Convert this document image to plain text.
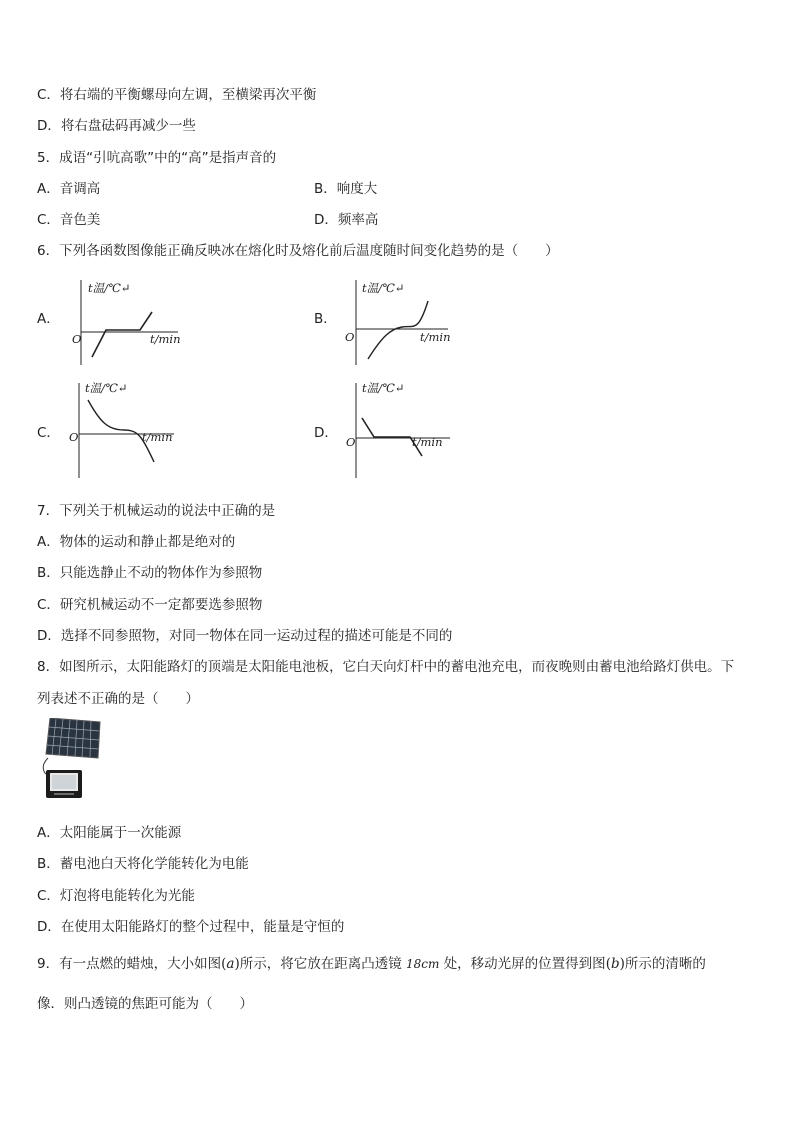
C．将右端的平衡螺母向左调，至横梁再次平衡
D．将右盘砝码再减少一些
5．成语“引吭高歌”中的“高”是指声音的
A．音调高	B．响度大
C．音色美	D．频率高
6．下列各函数图像能正确反映冰在熔化时及熔化前后温度随时间变化趋势的是（　　）
A．	B．
C．	D．
t温/℃↵
O	t/min
t温/℃↵
O	t/min
t温/℃↵
O	t/min
t温/℃↵
O	t/min
7．下列关于机械运动的说法中正确的是
A．物体的运动和静止都是绝对的
B．只能选静止不动的物体作为参照物
C．研究机械运动不一定都要选参照物
D．选择不同参照物，对同一物体在同一运动过程的描述可能是不同的
8．如图所示，太阳能路灯的顶端是太阳能电池板，它白天向灯杆中的蓄电池充电，而夜晚则由蓄电池给路灯供电。下
列表述不正确的是（　　）
A．太阳能属于一次能源
B．蓄电池白天将化学能转化为电能
C．灯泡将电能转化为光能
D．在使用太阳能路灯的整个过程中，能量是守恒的
9．有一点燃的蜡烛，大小如图(a)所示，将它放在距离凸透镜 18cm 处，移动光屏的位置得到图(b)所示的清晰的
像．则凸透镜的焦距可能为（　　）
